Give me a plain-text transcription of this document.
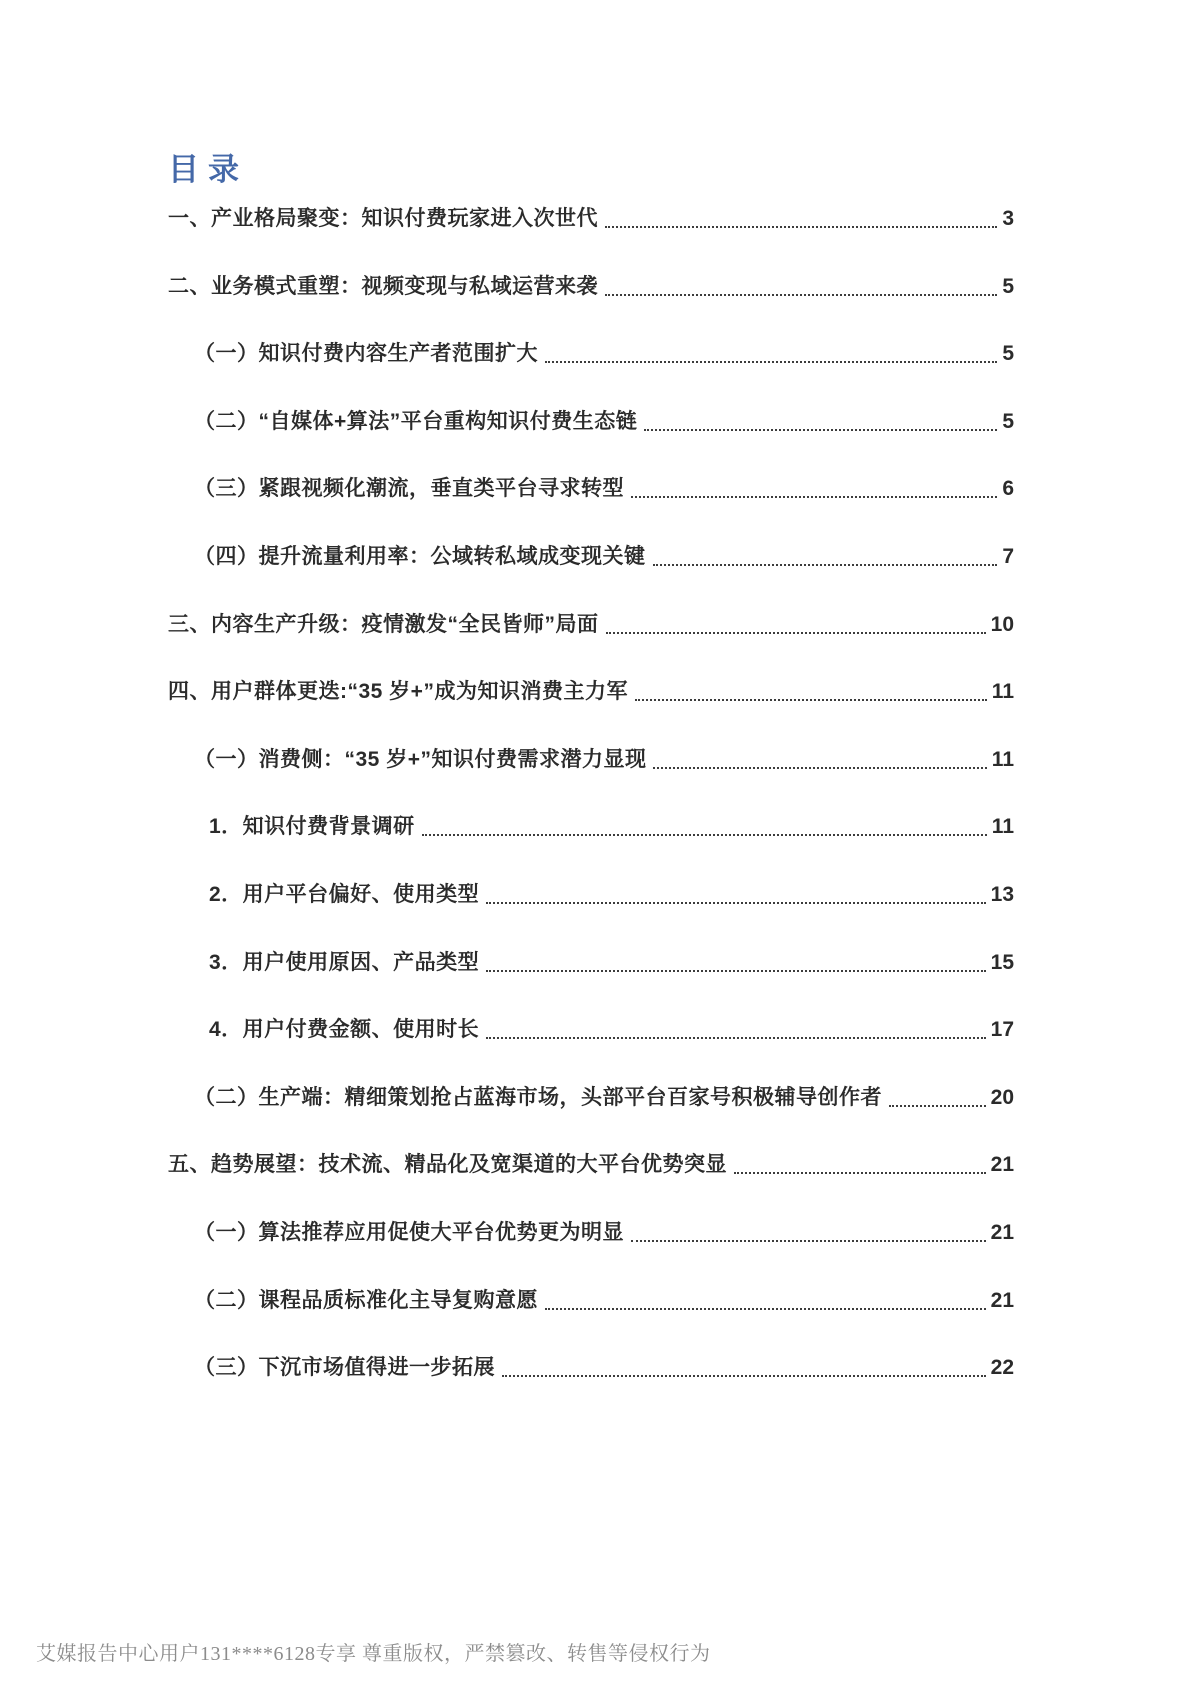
目录
一、产业格局聚变：知识付费玩家进入次世代	3
二、业务模式重塑：视频变现与私域运营来袭	5
（一）知识付费内容生产者范围扩大	5
（二）“自媒体+算法”平台重构知识付费生态链	5
（三）紧跟视频化潮流，垂直类平台寻求转型	6
（四）提升流量利用率：公域转私域成变现关键	7
三、内容生产升级：疫情激发“全民皆师”局面	10
四、用户群体更迭:“35 岁+”成为知识消费主力军	11
（一）消费侧：“35 岁+”知识付费需求潜力显现	11
1．知识付费背景调研	11
2．用户平台偏好、使用类型	13
3．用户使用原因、产品类型	15
4．用户付费金额、使用时长	17
（二）生产端：精细策划抢占蓝海市场，头部平台百家号积极辅导创作者	20
五、趋势展望：技术流、精品化及宽渠道的大平台优势突显	21
（一）算法推荐应用促使大平台优势更为明显	21
（二）课程品质标准化主导复购意愿	21
（三）下沉市场值得进一步拓展	22
艾媒报告中心用户131****6128专享 尊重版权，严禁篡改、转售等侵权行为
